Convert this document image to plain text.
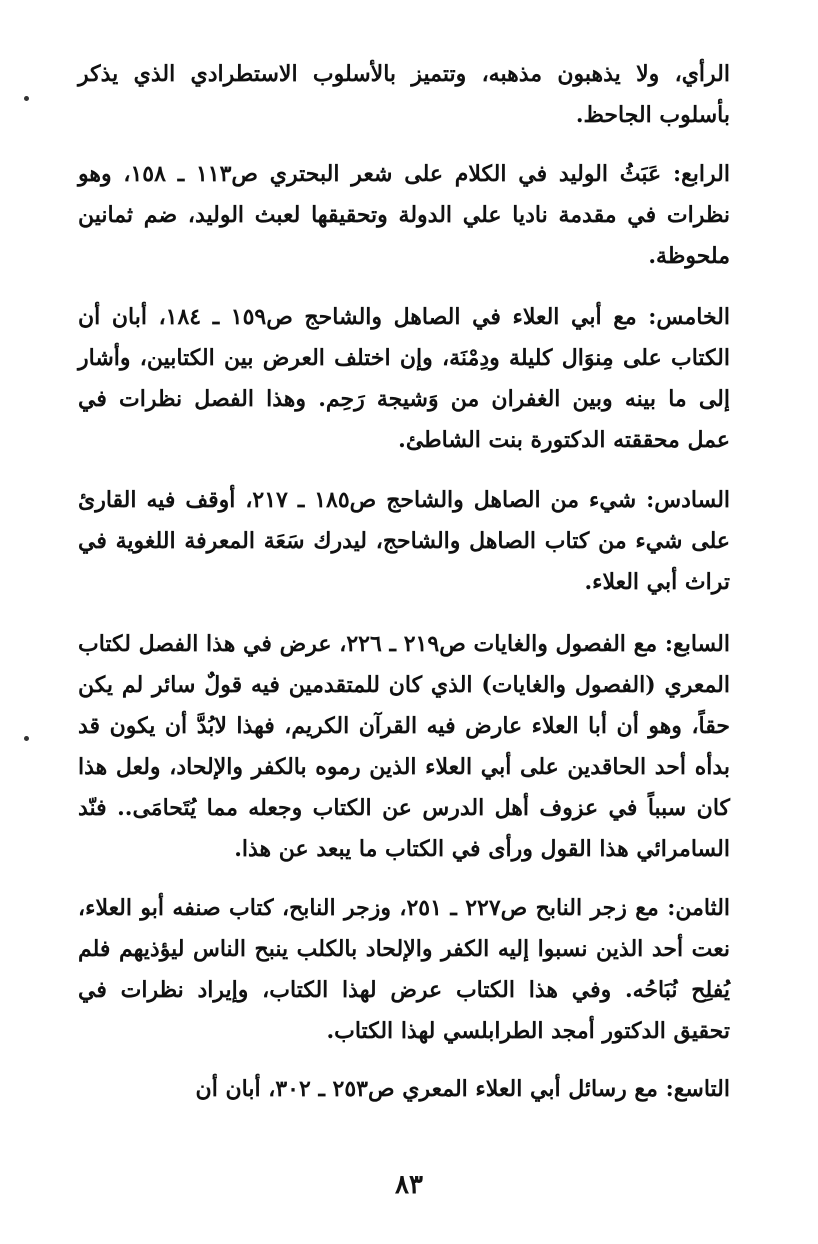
الرأي، ولا يذهبون مذهبه، وتتميز بالأسلوب الاستطرادي الذي يذكر بأسلوب الجاحظ.

الرابع: عَبَثُ الوليد في الكلام على شعر البحتري ص١١٣ ـ ١٥٨، وهو نظرات في مقدمة ناديا علي الدولة وتحقيقها لعبث الوليد، ضم ثمانين ملحوظة.

الخامس: مع أبي العلاء في الصاهل والشاحج ص١٥٩ ـ ١٨٤، أبان أن الكتاب على مِنوَال كليلة ودِمْنَة، وإن اختلف العرض بين الكتابين، وأشار إلى ما بينه وبين الغفران من وَشيجة رَحِم. وهذا الفصل نظرات في عمل محققته الدكتورة بنت الشاطئ.

السادس: شيء من الصاهل والشاحج ص١٨٥ ـ ٢١٧، أوقف فيه القارئ على شيء من كتاب الصاهل والشاحج، ليدرك سَعَة المعرفة اللغوية في تراث أبي العلاء.

السابع: مع الفصول والغايات ص٢١٩ ـ ٢٢٦، عرض في هذا الفصل لكتاب المعري (الفصول والغايات) الذي كان للمتقدمين فيه قولٌ سائر لم يكن حقاً، وهو أن أبا العلاء عارض فيه القرآن الكريم، فهذا لابُدَّ أن يكون قد بدأه أحد الحاقدين على أبي العلاء الذين رموه بالكفر والإلحاد، ولعل هذا كان سبباً في عزوف أهل الدرس عن الكتاب وجعله مما يُتَحامَى.. فنّد السامرائي هذا القول ورأى في الكتاب ما يبعد عن هذا.

الثامن: مع زجر النابح ص٢٢٧ ـ ٢٥١، وزجر النابح، كتاب صنفه أبو العلاء، نعت أحد الذين نسبوا إليه الكفر والإلحاد بالكلب ينبح الناس ليؤذيهم فلم يُفلِح نُبَاحُه. وفي هذا الكتاب عرض لهذا الكتاب، وإيراد نظرات في تحقيق الدكتور أمجد الطرابلسي لهذا الكتاب.

التاسع: مع رسائل أبي العلاء المعري ص٢٥٣ ـ ٣٠٢، أبان أن

٨٣
